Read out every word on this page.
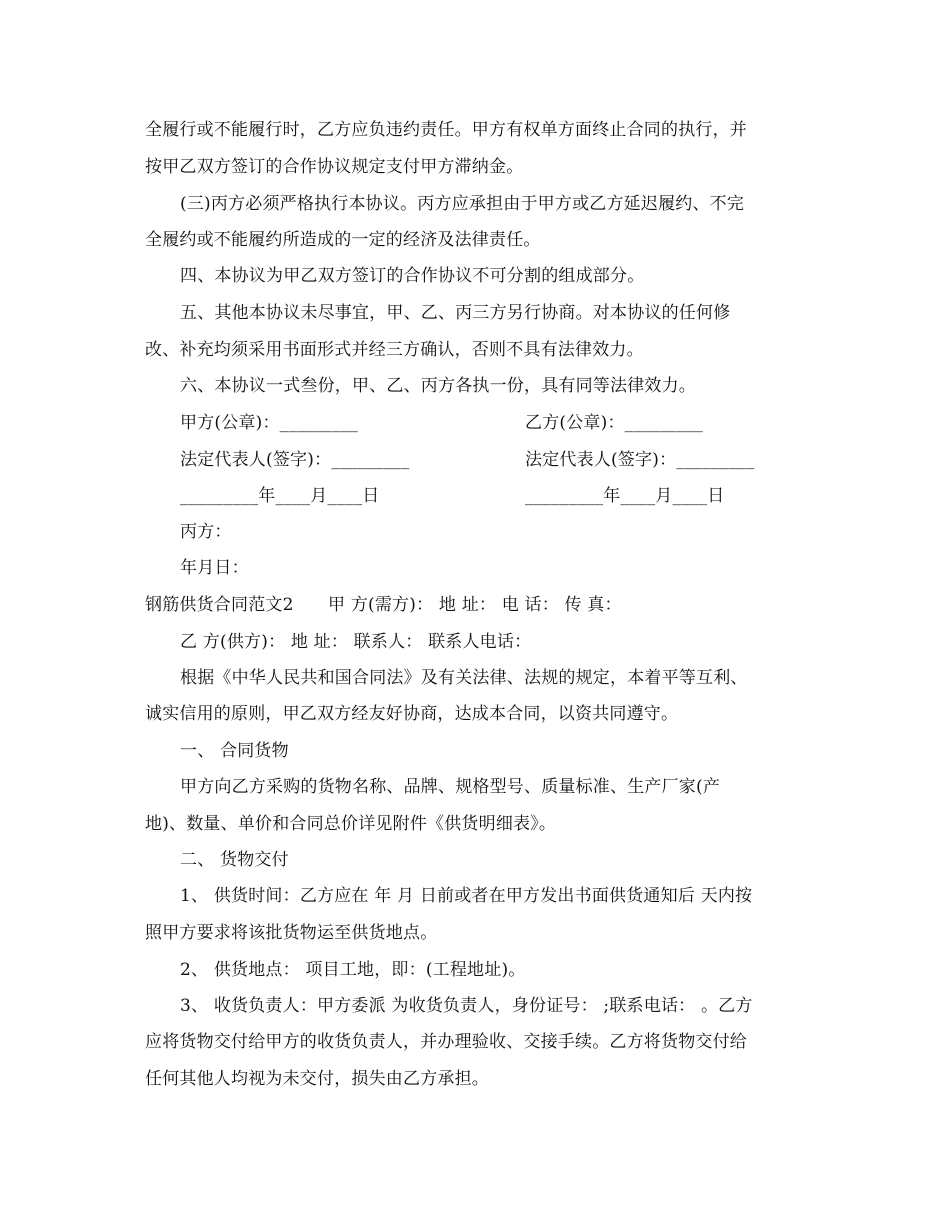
全履行或不能履行时，乙方应负违约责任。甲方有权单方面终止合同的执行，并
按甲乙双方签订的合作协议规定支付甲方滞纳金。
(三)丙方必须严格执行本协议。丙方应承担由于甲方或乙方延迟履约、不完
全履约或不能履约所造成的一定的经济及法律责任。
四、本协议为甲乙双方签订的合作协议不可分割的组成部分。
五、其他本协议未尽事宜，甲、乙、丙三方另行协商。对本协议的任何修
改、补充均须采用书面形式并经三方确认，否则不具有法律效力。
六、本协议一式叁份，甲、乙、丙方各执一份，具有同等法律效力。
甲方(公章)：_________	乙方(公章)：_________
法定代表人(签字)：_________	法定代表人(签字)：_________
_________年____月____日	_________年____月____日
丙方：
年月日：
钢筋供货合同范文2　　甲 方(需方)： 地 址： 电 话： 传 真：
乙 方(供方)： 地 址： 联系人： 联系人电话：
根据《中华人民共和国合同法》及有关法律、法规的规定，本着平等互利、
诚实信用的原则，甲乙双方经友好协商，达成本合同，以资共同遵守。
一、 合同货物
甲方向乙方采购的货物名称、品牌、规格型号、质量标准、生产厂家(产
地)、数量、单价和合同总价详见附件《供货明细表》。
二、 货物交付
1、 供货时间：乙方应在 年 月 日前或者在甲方发出书面供货通知后 天内按
照甲方要求将该批货物运至供货地点。
2、 供货地点： 项目工地，即：(工程地址)。
3、 收货负责人：甲方委派 为收货负责人，身份证号： ;联系电话： 。乙方
应将货物交付给甲方的收货负责人，并办理验收、交接手续。乙方将货物交付给
任何其他人均视为未交付，损失由乙方承担。
